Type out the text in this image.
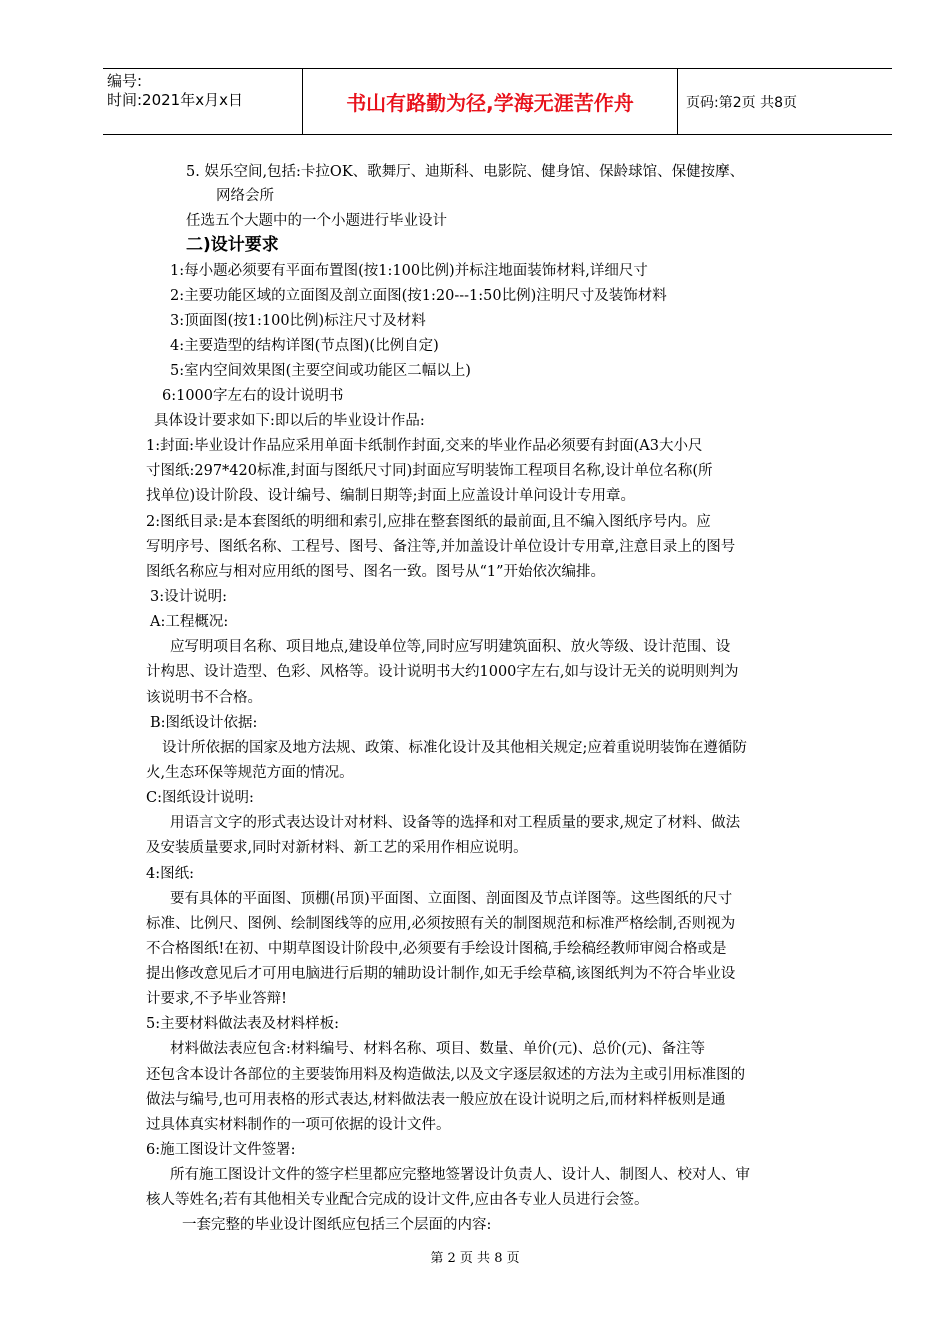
编号:
时间:2021年x月x日	书山有路勤为径,学海无涯苦作舟	页码:第2页 共8页
5. 娱乐空间,包括:卡拉OK、歌舞厅、迪斯科、电影院、健身馆、保龄球馆、保健按摩、
网络会所
任选五个大题中的一个小题进行毕业设计
二)设计要求
1:每小题必须要有平面布置图(按1:100比例)并标注地面装饰材料,详细尺寸
2:主要功能区域的立面图及剖立面图(按1:20---1:50比例)注明尺寸及装饰材料
3:顶面图(按1:100比例)标注尺寸及材料
4:主要造型的结构详图(节点图)(比例自定)
5:室内空间效果图(主要空间或功能区二幅以上)
6:1000字左右的设计说明书
具体设计要求如下:即以后的毕业设计作品:
1:封面:毕业设计作品应采用单面卡纸制作封面,交来的毕业作品必须要有封面(A3大小尺
寸图纸:297*420标准,封面与图纸尺寸同)封面应写明装饰工程项目名称,设计单位名称(所
找单位)设计阶段、设计编号、编制日期等;封面上应盖设计单问设计专用章。
2:图纸目录:是本套图纸的明细和索引,应排在整套图纸的最前面,且不编入图纸序号内。应
写明序号、图纸名称、工程号、图号、备注等,并加盖设计单位设计专用章,注意目录上的图号
图纸名称应与相对应用纸的图号、图名一致。图号从“1”开始依次编排。
3:设计说明:
A:工程概况:
应写明项目名称、项目地点,建设单位等,同时应写明建筑面积、放火等级、设计范围、设
计构思、设计造型、色彩、风格等。设计说明书大约1000字左右,如与设计无关的说明则判为
该说明书不合格。
B:图纸设计依据:
设计所依据的国家及地方法规、政策、标准化设计及其他相关规定;应着重说明装饰在遵循防
火,生态环保等规范方面的情况。
C:图纸设计说明:
用语言文字的形式表达设计对材料、设备等的选择和对工程质量的要求,规定了材料、做法
及安装质量要求,同时对新材料、新工艺的采用作相应说明。
4:图纸:
要有具体的平面图、顶棚(吊顶)平面图、立面图、剖面图及节点详图等。这些图纸的尺寸
标准、比例尺、图例、绘制图线等的应用,必须按照有关的制图规范和标准严格绘制,否则视为
不合格图纸!在初、中期草图设计阶段中,必须要有手绘设计图稿,手绘稿经教师审阅合格或是
提出修改意见后才可用电脑进行后期的辅助设计制作,如无手绘草稿,该图纸判为不符合毕业设
计要求,不予毕业答辩!
5:主要材料做法表及材料样板:
材料做法表应包含:材料编号、材料名称、项目、数量、单价(元)、总价(元)、备注等
还包含本设计各部位的主要装饰用料及构造做法,以及文字逐层叙述的方法为主或引用标准图的
做法与编号,也可用表格的形式表达,材料做法表一般应放在设计说明之后,而材料样板则是通
过具体真实材料制作的一项可依据的设计文件。
6:施工图设计文件签署:
所有施工图设计文件的签字栏里都应完整地签署设计负责人、设计人、制图人、校对人、审
核人等姓名;若有其他相关专业配合完成的设计文件,应由各专业人员进行会签。
一套完整的毕业设计图纸应包括三个层面的内容:
第 2 页 共 8 页
